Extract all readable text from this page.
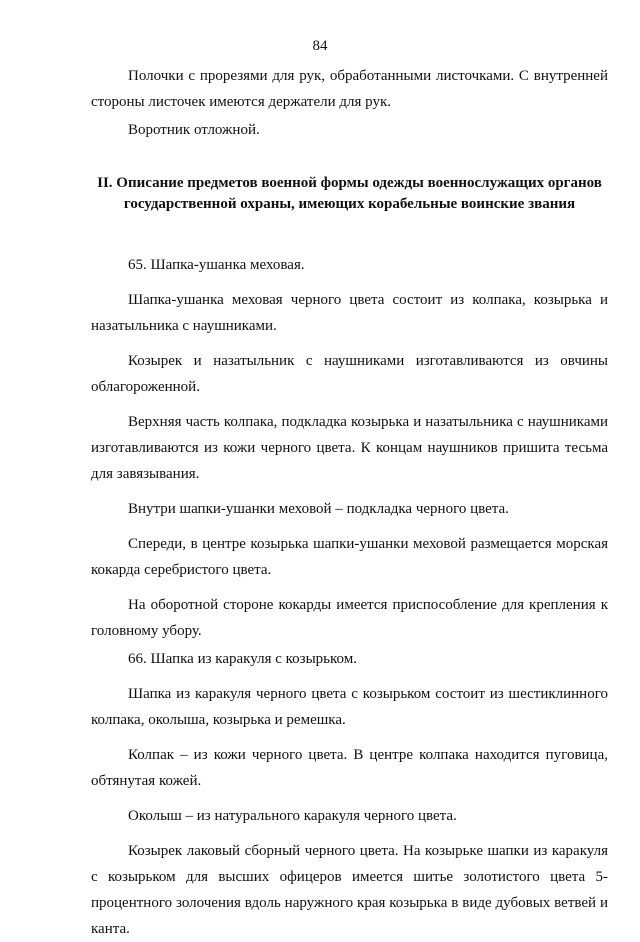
84

Полочки с прорезями для рук, обработанными листочками. С внутренней стороны листочек имеются держатели для рук.

Воротник отложной.

II. Описание предметов военной формы одежды военнослужащих органов государственной охраны, имеющих корабельные воинские звания

65. Шапка-ушанка меховая.

Шапка-ушанка меховая черного цвета состоит из колпака, козырька и назатыльника с наушниками.

Козырек и назатыльник с наушниками изготавливаются из овчины облагороженной.

Верхняя часть колпака, подкладка козырька и назатыльника с наушниками изготавливаются из кожи черного цвета. К концам наушников пришита тесьма для завязывания.

Внутри шапки-ушанки меховой – подкладка черного цвета.

Спереди, в центре козырька шапки-ушанки меховой размещается морская кокарда серебристого цвета.

На оборотной стороне кокарды имеется приспособление для крепления к головному убору.

66. Шапка из каракуля с козырьком.

Шапка из каракуля черного цвета с козырьком состоит из шестиклинного колпака, околыша, козырька и ремешка.

Колпак – из кожи черного цвета. В центре колпака находится пуговица, обтянутая кожей.

Околыш – из натурального каракуля черного цвета.

Козырек лаковый сборный черного цвета. На козырьке шапки из каракуля с козырьком для высших офицеров имеется шитье золотистого цвета 5-процентного золочения вдоль наружного края козырька в виде дубовых ветвей и канта.
